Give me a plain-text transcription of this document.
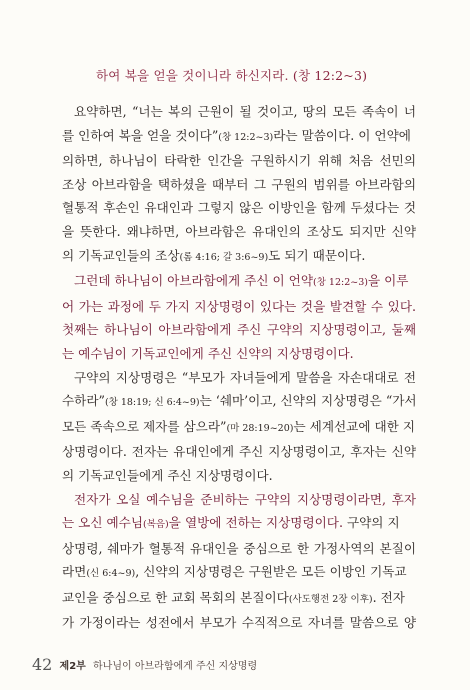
하여 복을 얻을 것이니라 하신지라. (창 12:2~3)
요약하면, “너는 복의 근원이 될 것이고, 땅의 모든 족속이 너
를 인하여 복을 얻을 것이다”(창 12:2~3)라는 말씀이다. 이 언약에
의하면, 하나님이 타락한 인간을 구원하시기 위해 처음 선민의
조상 아브라함을 택하셨을 때부터 그 구원의 범위를 아브라함의
혈통적 후손인 유대인과 그렇지 않은 이방인을 함께 두셨다는 것
을 뜻한다. 왜냐하면, 아브라함은 유대인의 조상도 되지만 신약
의 기독교인들의 조상(롬 4:16; 갈 3:6~9)도 되기 때문이다.
그런데 하나님이 아브라함에게 주신 이 언약(창 12:2~3)을 이루
어 가는 과정에 두 가지 지상명령이 있다는 것을 발견할 수 있다.
첫째는 하나님이 아브라함에게 주신 구약의 지상명령이고, 둘째
는 예수님이 기독교인에게 주신 신약의 지상명령이다.
구약의 지상명령은 “부모가 자녀들에게 말씀을 자손대대로 전
수하라”(창 18:19; 신 6:4~9)는 ‘쉐마’이고, 신약의 지상명령은 “가서
모든 족속으로 제자를 삼으라”(마 28:19~20)는 세계선교에 대한 지
상명령이다. 전자는 유대인에게 주신 지상명령이고, 후자는 신약
의 기독교인들에게 주신 지상명령이다.
전자가 오실 예수님을 준비하는 구약의 지상명령이라면, 후자
는 오신 예수님(복음)을 열방에 전하는 지상명령이다. 구약의 지
상명령, 쉐마가 혈통적 유대인을 중심으로 한 가정사역의 본질이
라면(신 6:4~9), 신약의 지상명령은 구원받은 모든 이방인 기독교
교인을 중심으로 한 교회 목회의 본질이다(사도행전 2장 이후). 전자
가 가정이라는 성전에서 부모가 수직적으로 자녀를 말씀으로 양
42 제2부 하나님이 아브라함에게 주신 지상명령
